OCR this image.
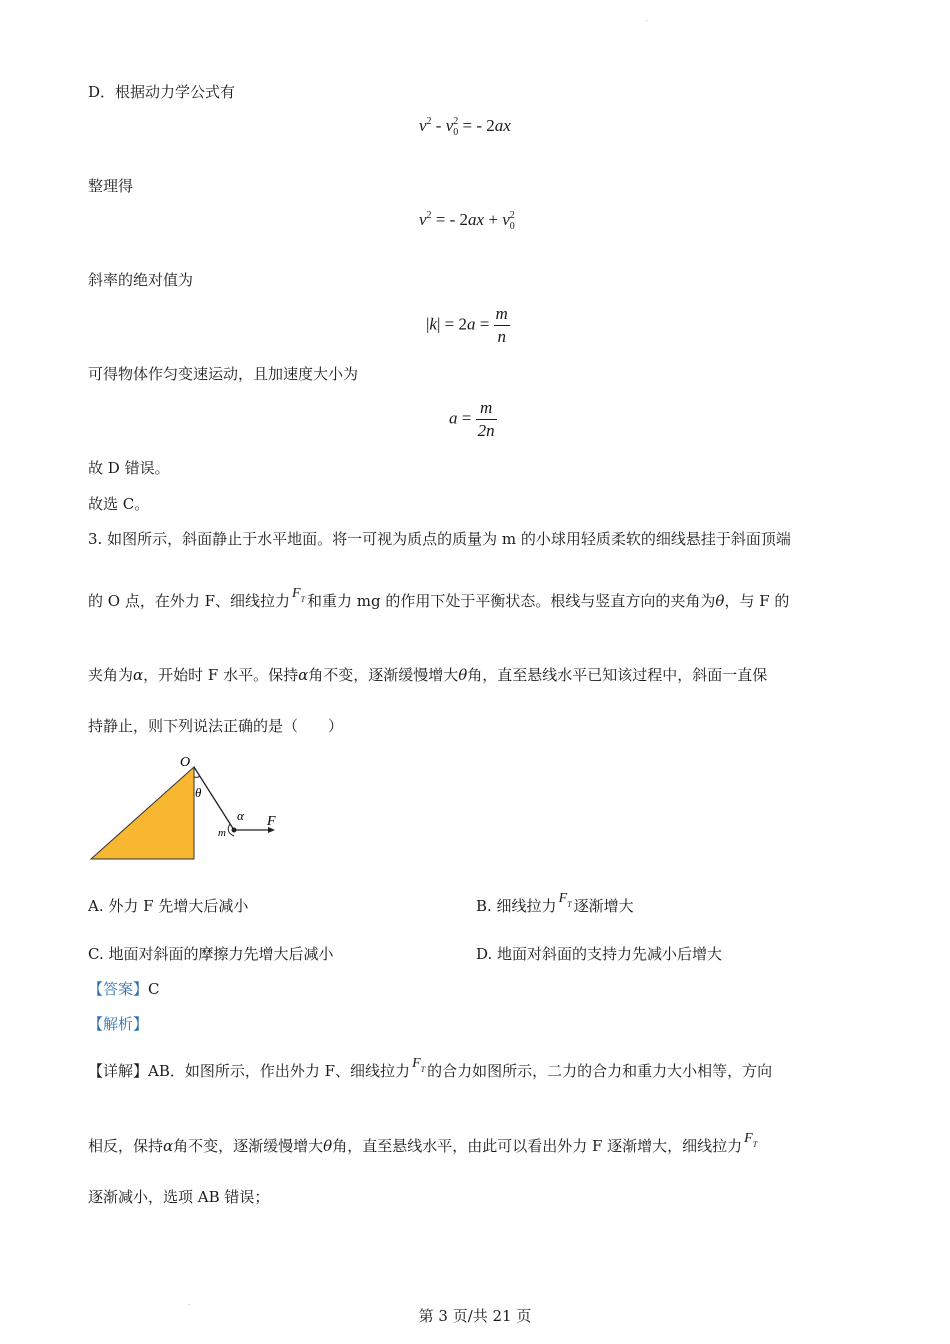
·
D．根据动力学公式有
$v^2 - v_0^2$ = - 2ax
整理得
$v^2$ = - $2ax + v_0^2$
斜率的绝对值为
$|k| = 2a = \frac{m}{n}$
可得物体作匀变速运动，且加速度大小为
$a = \frac{m}{2n}$
故 D 错误。
故选 C。
3. 如图所示，斜面静止于水平地面。将一可视为质点的质量为 m 的小球用轻质柔软的细线悬挂于斜面顶端
的 O 点，在外力 F、细线拉力 $F_T$ 和重力 mg 的作用下处于平衡状态。根线与竖直方向的夹角为θ，与 F 的
夹角为α，开始时 F 水平。保持α角不变，逐渐缓慢增大θ角，直至悬线水平已知该过程中，斜面一直保
持静止，则下列说法正确的是（　　）
O
θ
α
m
F
A. 外力 F 先增大后减小	B. 细线拉力 $F_T$ 逐渐增大
C. 地面对斜面的摩擦力先增大后减小	D. 地面对斜面的支持力先减小后增大
【答案】C
【解析】
【详解】AB．如图所示，作出外力 F、细线拉力 $F_T$ 的合力如图所示，二力的合力和重力大小相等，方向
相反，保持α角不变，逐渐缓慢增大θ角，直至悬线水平，由此可以看出外力 F 逐渐增大，细线拉力 $F_T$
逐渐减小，选项 AB 错误；
·
第 3 页/共 21 页
